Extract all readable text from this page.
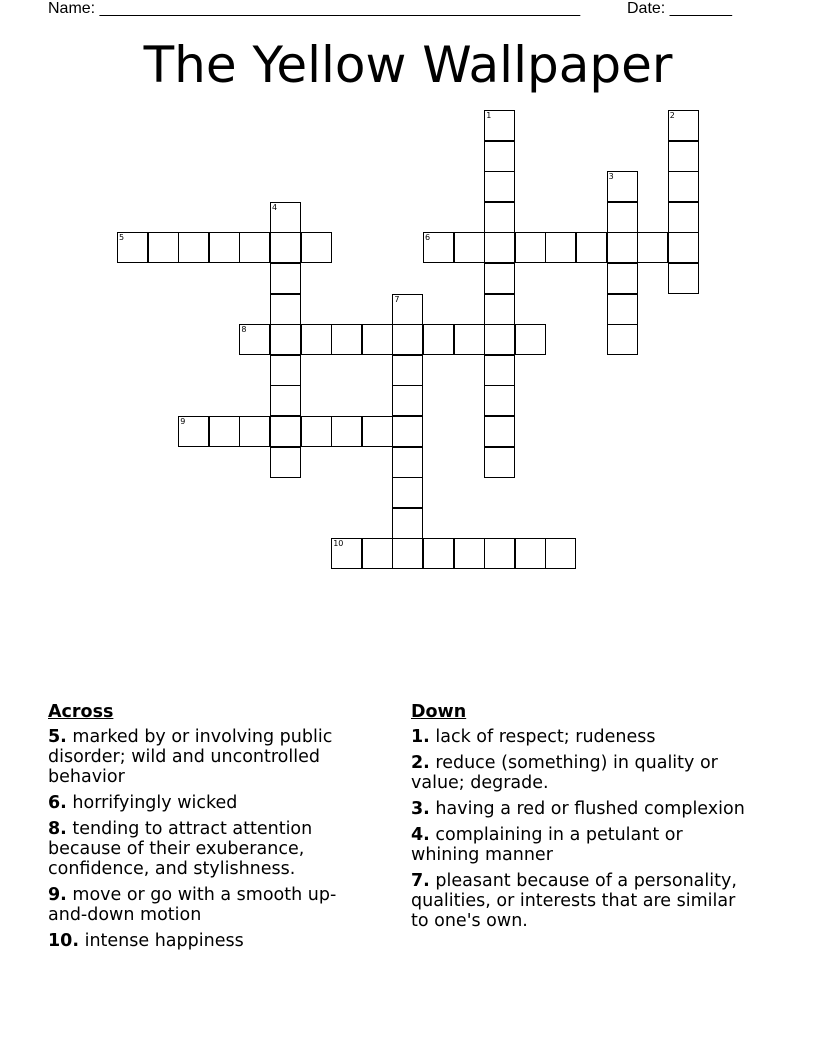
Name: ______________________________________________________	Date: _______
The Yellow Wallpaper
1	2
3
4
5	6
7
8
9
10
Across
5. marked by or involving public disorder; wild and uncontrolled behavior
6. horrifyingly wicked
8. tending to attract attention because of their exuberance, confidence, and stylishness.
9. move or go with a smooth up-and-down motion
10. intense happiness
Down
1. lack of respect; rudeness
2. reduce (something) in quality or value; degrade.
3. having a red or flushed complexion
4. complaining in a petulant or whining manner
7. pleasant because of a personality, qualities, or interests that are similar to one's own.
